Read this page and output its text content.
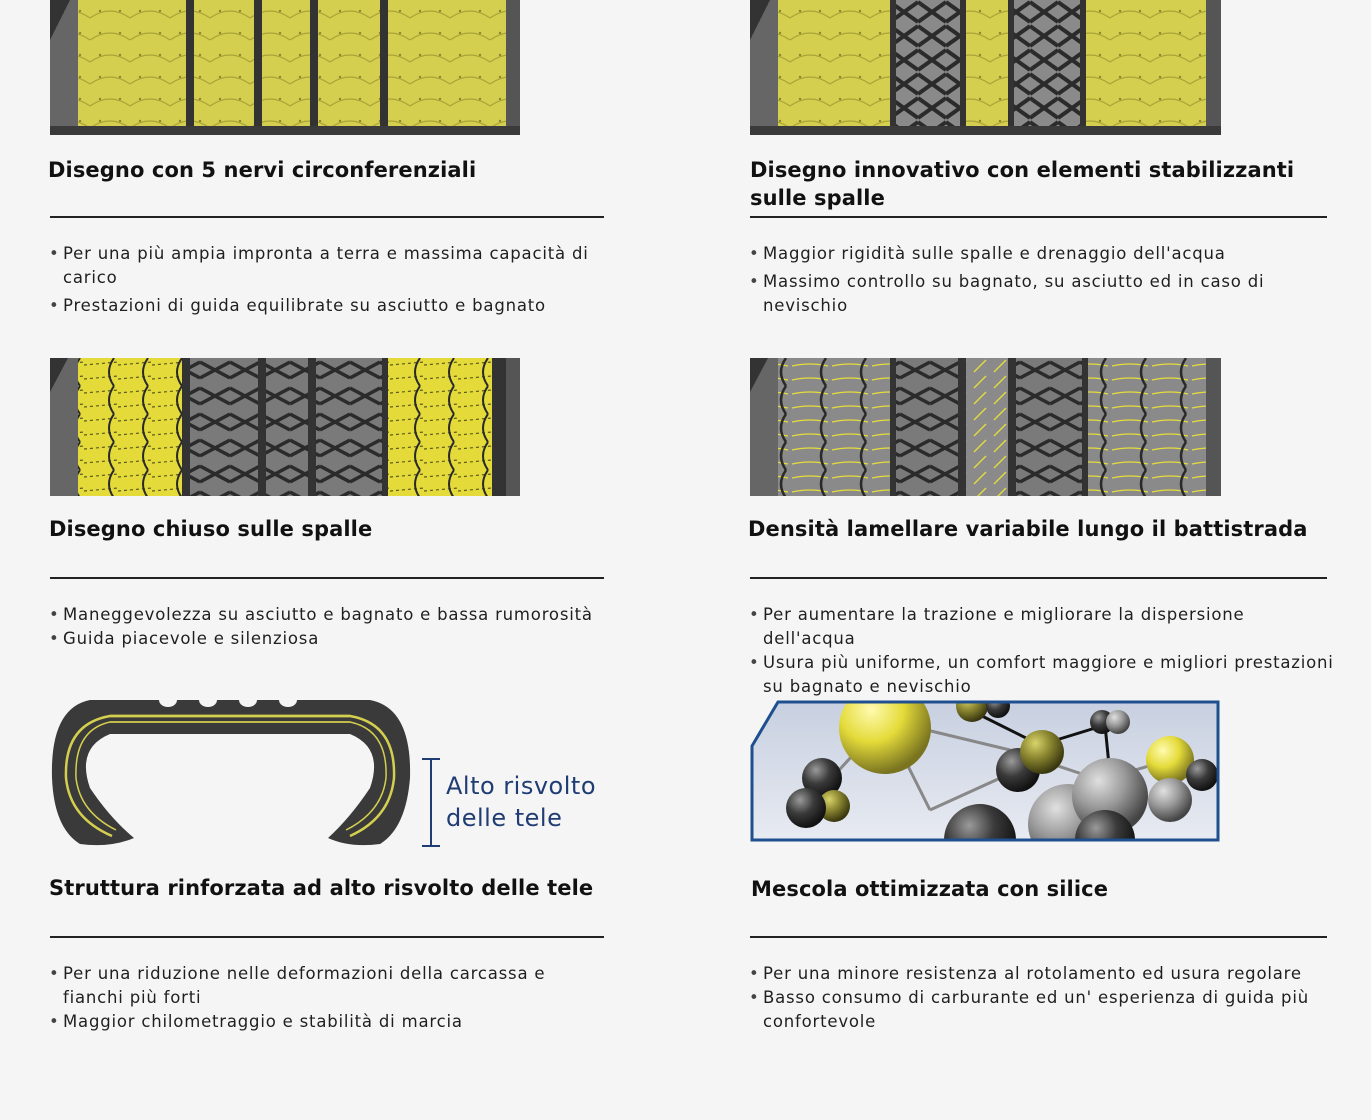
Disegno con 5 nervi circonferenziali
• Per una più ampia impronta a terra e massima capacità di carico
• Prestazioni di guida equilibrate su asciutto e bagnato
Disegno innovativo con elementi stabilizzanti
sulle spalle
• Maggior rigidità sulle spalle e drenaggio dell'acqua
• Massimo controllo su bagnato, su asciutto ed in caso di nevischio
Disegno chiuso sulle spalle
• Maneggevolezza su asciutto e bagnato e bassa rumorosità
• Guida piacevole e silenziosa
Densità lamellare variabile lungo il battistrada
• Per aumentare la trazione e migliorare la dispersione dell'acqua
• Usura più uniforme, un comfort maggiore e migliori prestazioni su bagnato e nevischio
Alto risvolto
delle tele
Struttura rinforzata ad alto risvolto delle tele
• Per una riduzione nelle deformazioni della carcassa e fianchi più forti
• Maggior chilometraggio e stabilità di marcia
Mescola ottimizzata con silice
• Per una minore resistenza al rotolamento ed usura regolare
• Basso consumo di carburante ed un' esperienza di guida più confortevole
